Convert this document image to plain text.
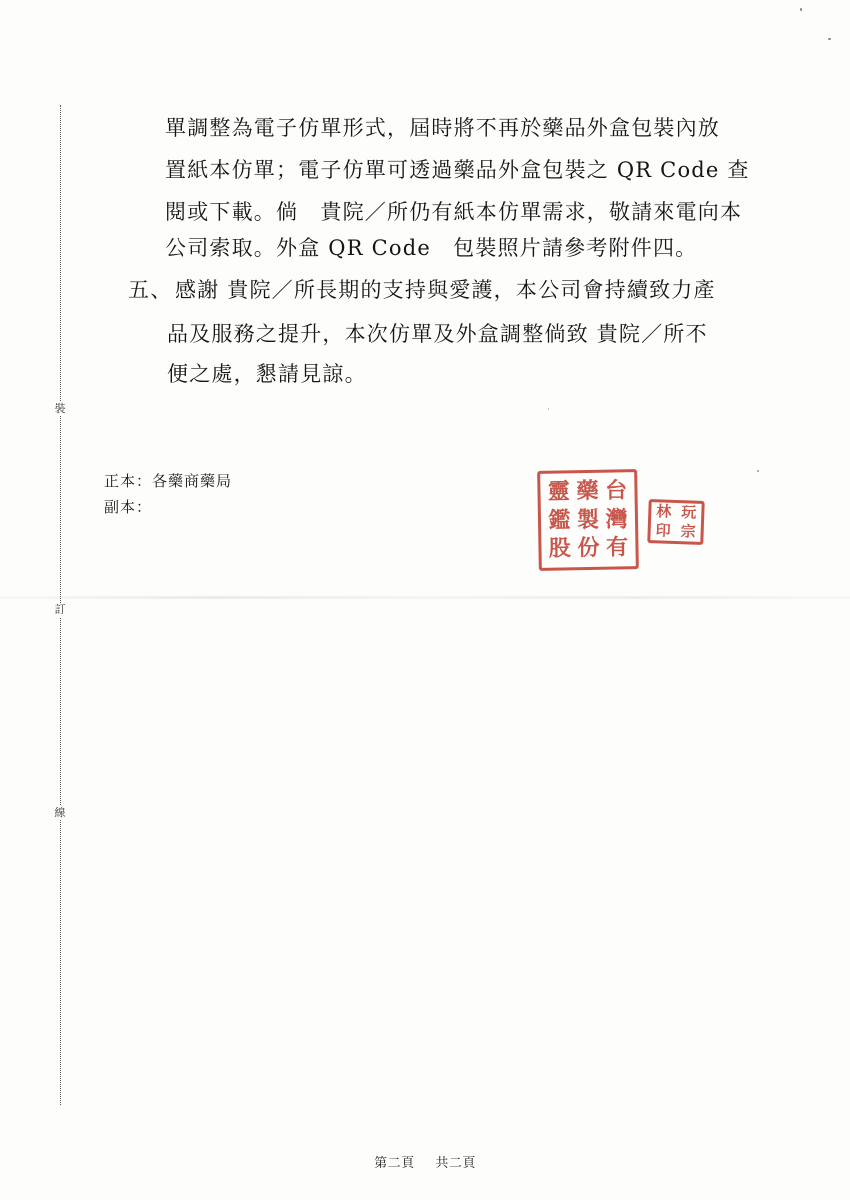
裝
訂
線
單調整為電子仿單形式，屆時將不再於藥品外盒包裝內放
置紙本仿單；電子仿單可透過藥品外盒包裝之 QR Code 查
閱或下載。倘　貴院／所仍有紙本仿單需求，敬請來電向本
公司索取。外盒 QR Code　包裝照片請參考附件四。
五、 感謝 貴院／所長期的支持與愛護，本公司會持續致力產
品及服務之提升，本次仿單及外盒調整倘致 貴院／所不
便之處，懇請見諒。
正本：各藥商藥局
副本：
靈 藥 台
鑑 製 灣
股 份 有
林 玩
印 宗
第二頁 共二頁
